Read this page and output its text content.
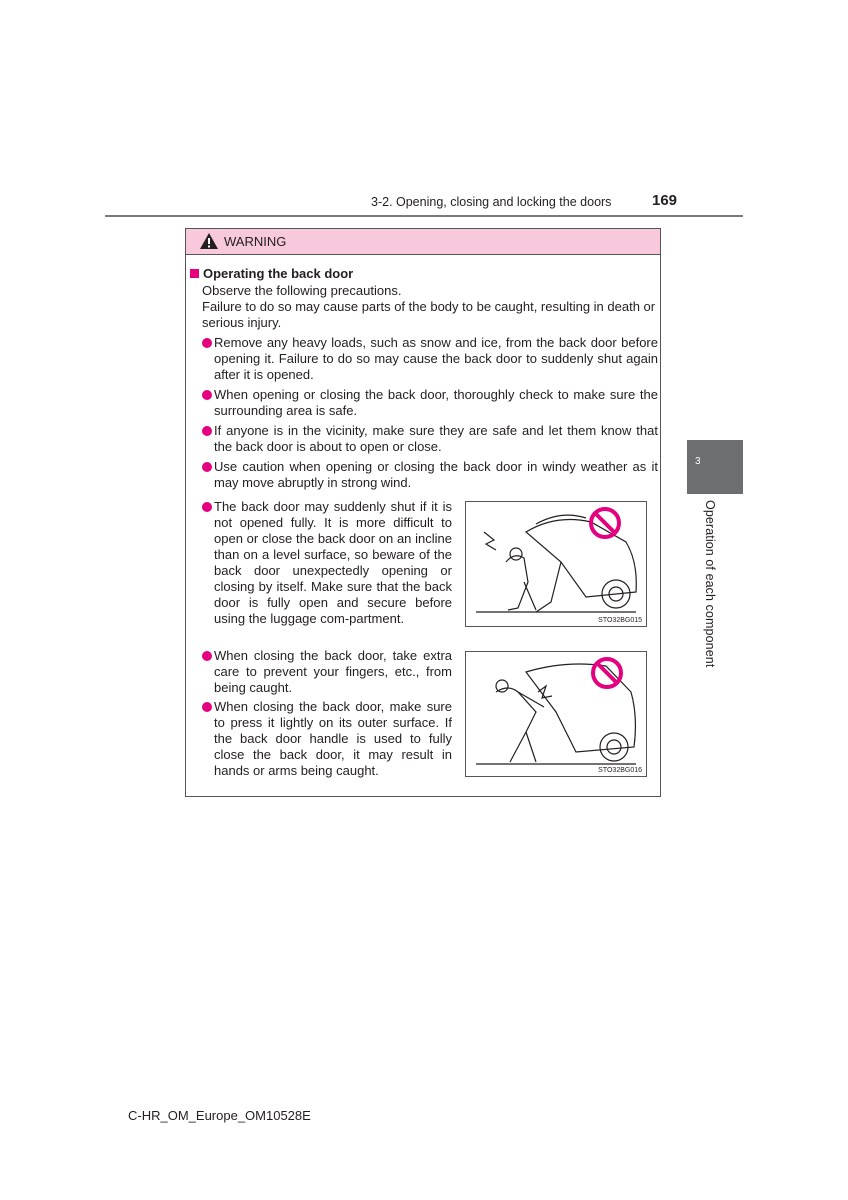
3-2. Opening, closing and locking the doors	169
3
Operation of each component
WARNING
Operating the back door
Observe the following precautions.
Failure to do so may cause parts of the body to be caught, resulting in death or serious injury.
Remove any heavy loads, such as snow and ice, from the back door before opening it. Failure to do so may cause the back door to suddenly shut again after it is opened.
When opening or closing the back door, thoroughly check to make sure the surrounding area is safe.
If anyone is in the vicinity, make sure they are safe and let them know that the back door is about to open or close.
Use caution when opening or closing the back door in windy weather as it may move abruptly in strong wind.
The back door may suddenly shut if it is not opened fully. It is more difficult to open or close the back door on an incline than on a level surface, so beware of the back door unexpectedly opening or closing by itself. Make sure that the back door is fully open and secure before using the luggage com-partment.	STO32BG015
When closing the back door, take extra care to prevent your fingers, etc., from being caught.
When closing the back door, make sure to press it lightly on its outer surface. If the back door handle is used to fully close the back door, it may result in hands or arms being caught.	STO32BG016
C-HR_OM_Europe_OM10528E
